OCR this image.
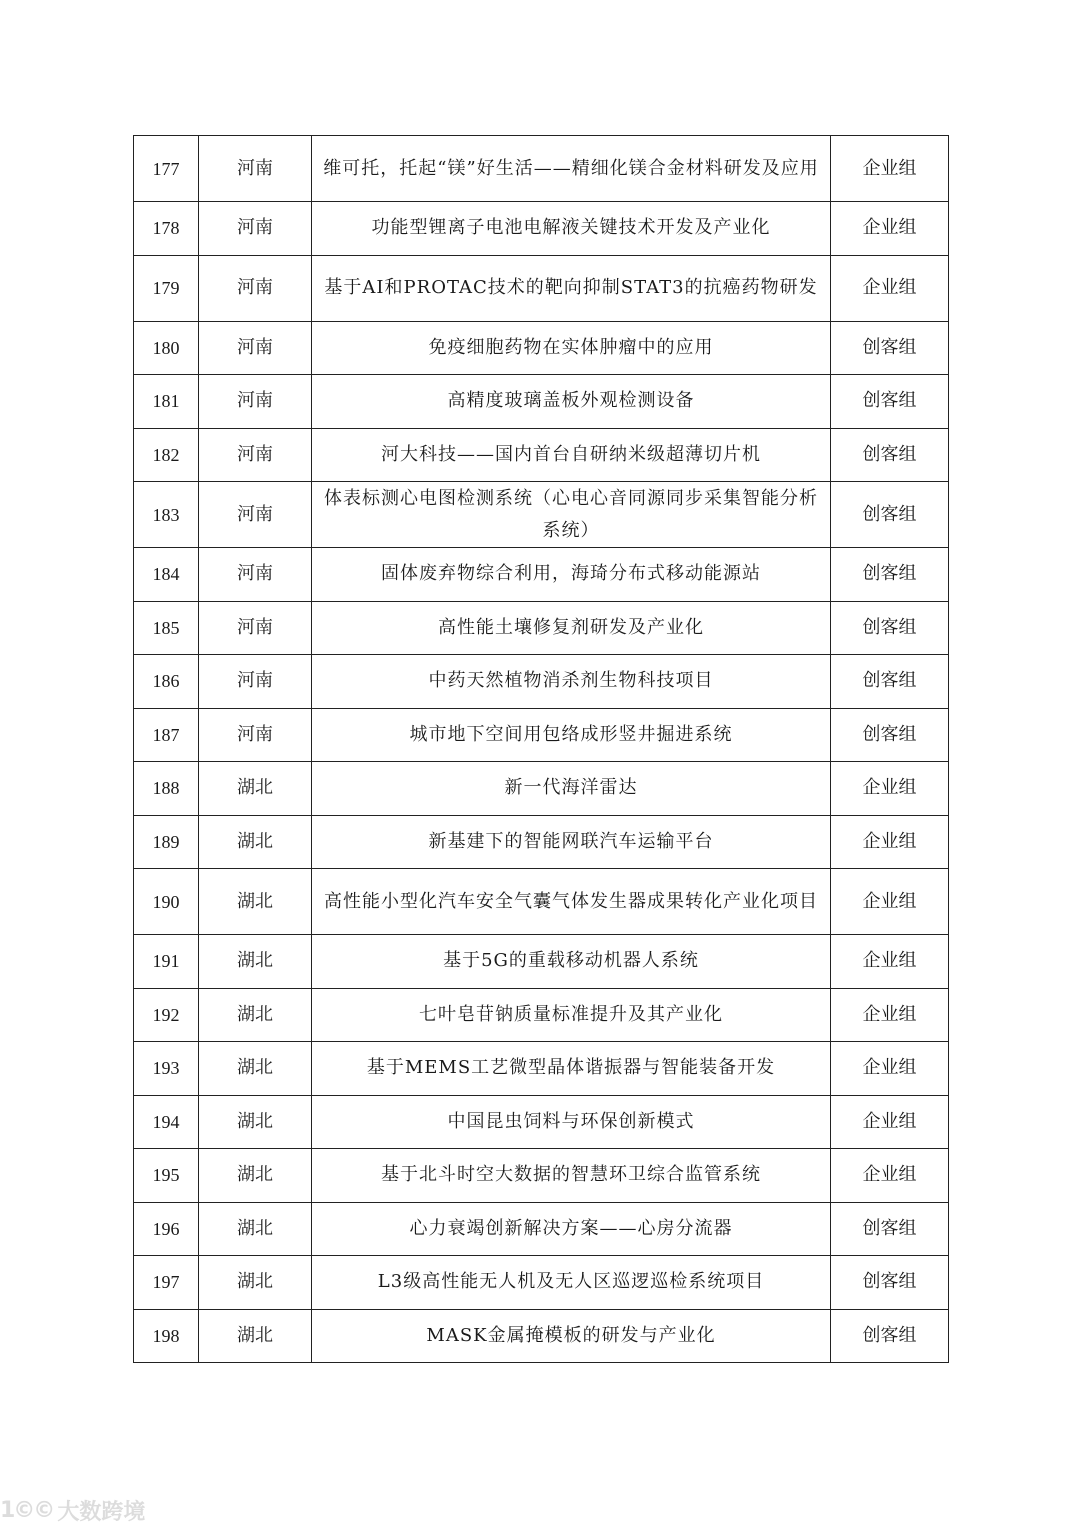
177	河南	维可托，托起“镁”好生活——精细化镁合金材料研发及应用	企业组
178	河南	功能型锂离子电池电解液关键技术开发及产业化	企业组
179	河南	基于AI和PROTAC技术的靶向抑制STAT3的抗癌药物研发	企业组
180	河南	免疫细胞药物在实体肿瘤中的应用	创客组
181	河南	高精度玻璃盖板外观检测设备	创客组
182	河南	河大科技——国内首台自研纳米级超薄切片机	创客组
183	河南	体表标测心电图检测系统（心电心音同源同步采集智能分析系统）	创客组
184	河南	固体废弃物综合利用，海琦分布式移动能源站	创客组
185	河南	高性能土壤修复剂研发及产业化	创客组
186	河南	中药天然植物消杀剂生物科技项目	创客组
187	河南	城市地下空间用包络成形竖井掘进系统	创客组
188	湖北	新一代海洋雷达	企业组
189	湖北	新基建下的智能网联汽车运输平台	企业组
190	湖北	高性能小型化汽车安全气囊气体发生器成果转化产业化项目	企业组
191	湖北	基于5G的重载移动机器人系统	企业组
192	湖北	七叶皂苷钠质量标准提升及其产业化	企业组
193	湖北	基于MEMS工艺微型晶体谐振器与智能装备开发	企业组
194	湖北	中国昆虫饲料与环保创新模式	企业组
195	湖北	基于北斗时空大数据的智慧环卫综合监管系统	企业组
196	湖北	心力衰竭创新解决方案——心房分流器	创客组
197	湖北	L3级高性能无人机及无人区巡逻巡检系统项目	创客组
198	湖北	MASK金属掩模板的研发与产业化	创客组
1©© 大数跨境
